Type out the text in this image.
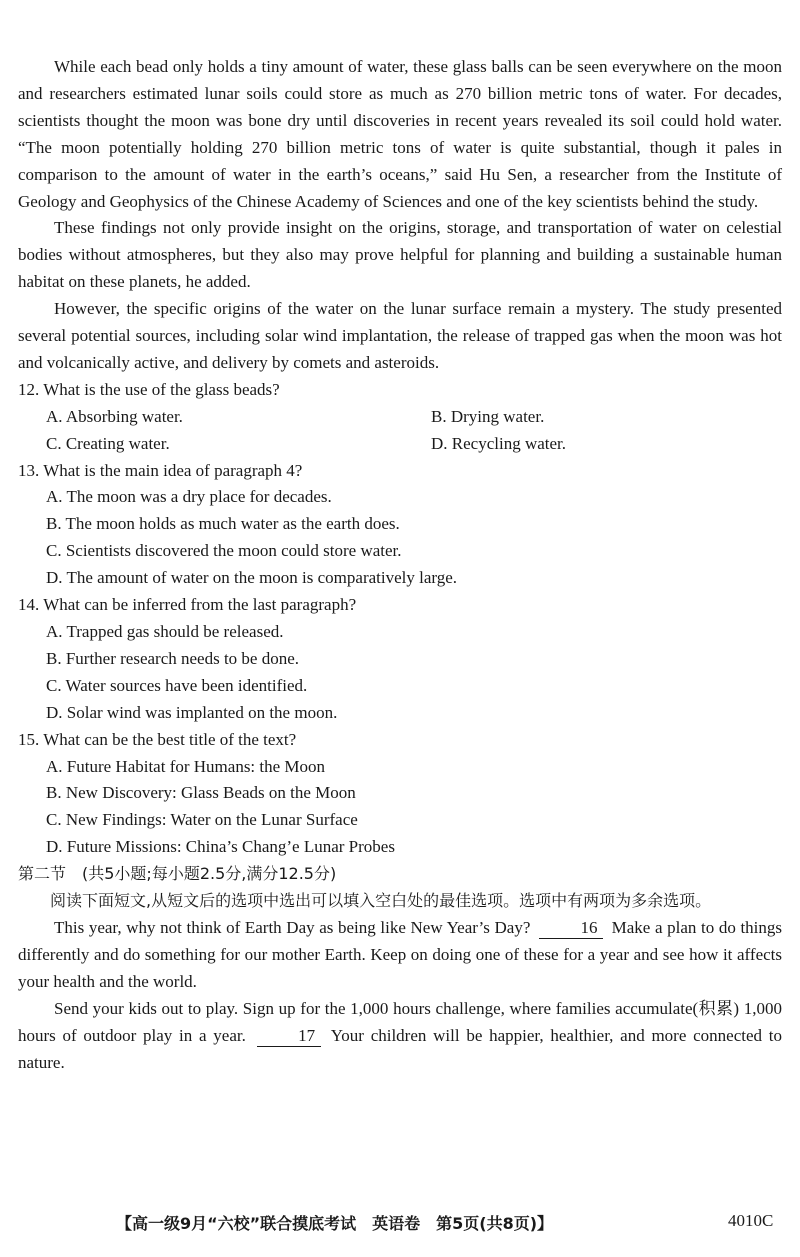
While each bead only holds a tiny amount of water, these glass balls can be seen everywhere on the moon and researchers estimated lunar soils could store as much as 270 billion metric tons of water. For decades, scientists thought the moon was bone dry until discoveries in recent years revealed its soil could hold water. “The moon potentially holding 270 billion metric tons of water is quite substantial, though it pales in comparison to the amount of water in the earth’s oceans,” said Hu Sen, a researcher from the Institute of Geology and Geophysics of the Chinese Academy of Sciences and one of the key scientists behind the study.

These findings not only provide insight on the origins, storage, and transportation of water on celestial bodies without atmospheres, but they also may prove helpful for planning and building a sustainable human habitat on these planets, he added.

However, the specific origins of the water on the lunar surface remain a mystery. The study presented several potential sources, including solar wind implantation, the release of trapped gas when the moon was hot and volcanically active, and delivery by comets and asteroids.

12. What is the use of the glass beads?

A. Absorbing water.	B. Drying water.
C. Creating water.	D. Recycling water.

13. What is the main idea of paragraph 4?

A. The moon was a dry place for decades.

B. The moon holds as much water as the earth does.

C. Scientists discovered the moon could store water.

D. The amount of water on the moon is comparatively large.

14. What can be inferred from the last paragraph?

A. Trapped gas should be released.

B. Further research needs to be done.

C. Water sources have been identified.

D. Solar wind was implanted on the moon.

15. What can be the best title of the text?

A. Future Habitat for Humans: the Moon

B. New Discovery: Glass Beads on the Moon

C. New Findings: Water on the Lunar Surface

D. Future Missions: China’s Chang’e Lunar Probes

第二节　(共5小题;每小题2.5分,满分12.5分)

阅读下面短文,从短文后的选项中选出可以填入空白处的最佳选项。选项中有两项为多余选项。

This year, why not think of Earth Day as being like New Year’s Day?	16 Make a plan to do things differently and do something for our mother Earth. Keep on doing one of these for a year and see how it affects your health and the world.

Send your kids out to play. Sign up for the 1,000 hours challenge, where families accumulate(积累) 1,000 hours of outdoor play in a year.	17 Your children will be happier, healthier, and more connected to nature.

【高一级9月“六校”联合摸底考试　英语卷　第5页(共8页)】	4010C
